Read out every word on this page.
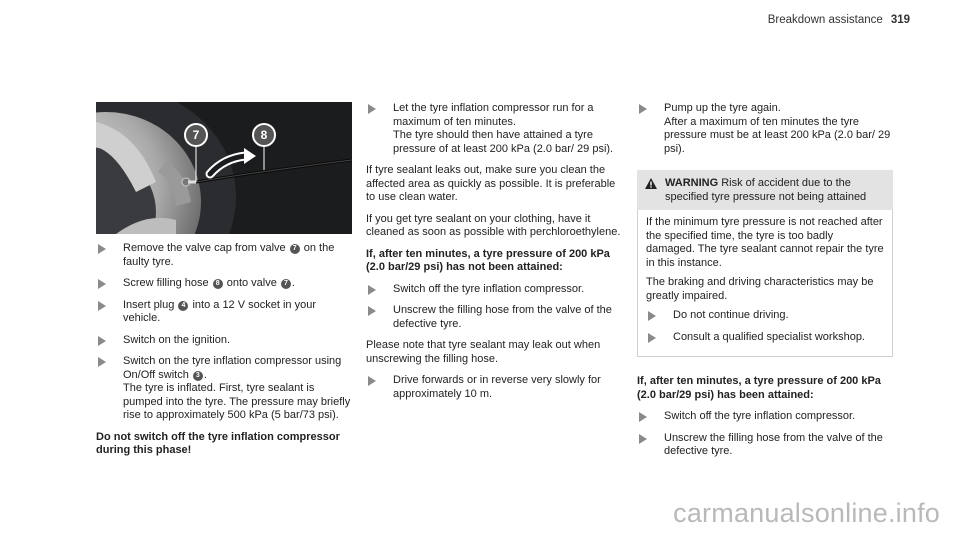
Breakdown assistance 319
7	8
Remove the valve cap from valve 7 on the faulty tyre.
Screw filling hose 8 onto valve 7 .
Insert plug 4 into a 12 V socket in your vehicle.
Switch on the ignition.
Switch on the tyre inflation compressor using On/Off switch 3 .
The tyre is inflated. First, tyre sealant is pumped into the tyre. The pressure may briefly rise to approximately 500 kPa (5 bar/73 psi).
Do not switch off the tyre inflation compressor during this phase!
Let the tyre inflation compressor run for a maximum of ten minutes.
The tyre should then have attained a tyre pressure of at least 200 kPa (2.0 bar/ 29 psi).
If tyre sealant leaks out, make sure you clean the affected area as quickly as possible. It is preferable to use clean water.
If you get tyre sealant on your clothing, have it cleaned as soon as possible with perchloroethylene.
If, after ten minutes, a tyre pressure of 200 kPa (2.0 bar/29 psi) has not been attained:
Switch off the tyre inflation compressor.
Unscrew the filling hose from the valve of the defective tyre.
Please note that tyre sealant may leak out when unscrewing the filling hose.
Drive forwards or in reverse very slowly for approximately 10 m.
Pump up the tyre again.
After a maximum of ten minutes the tyre pressure must be at least 200 kPa (2.0 bar/ 29 psi).
WARNING Risk of accident due to the specified tyre pressure not being attained
If the minimum tyre pressure is not reached after the specified time, the tyre is too badly damaged. The tyre sealant cannot repair the tyre in this instance.
The braking and driving characteristics may be greatly impaired.
Do not continue driving.
Consult a qualified specialist workshop.
If, after ten minutes, a tyre pressure of 200 kPa (2.0 bar/29 psi) has been attained:
Switch off the tyre inflation compressor.
Unscrew the filling hose from the valve of the defective tyre.
carmanualsonline.info
